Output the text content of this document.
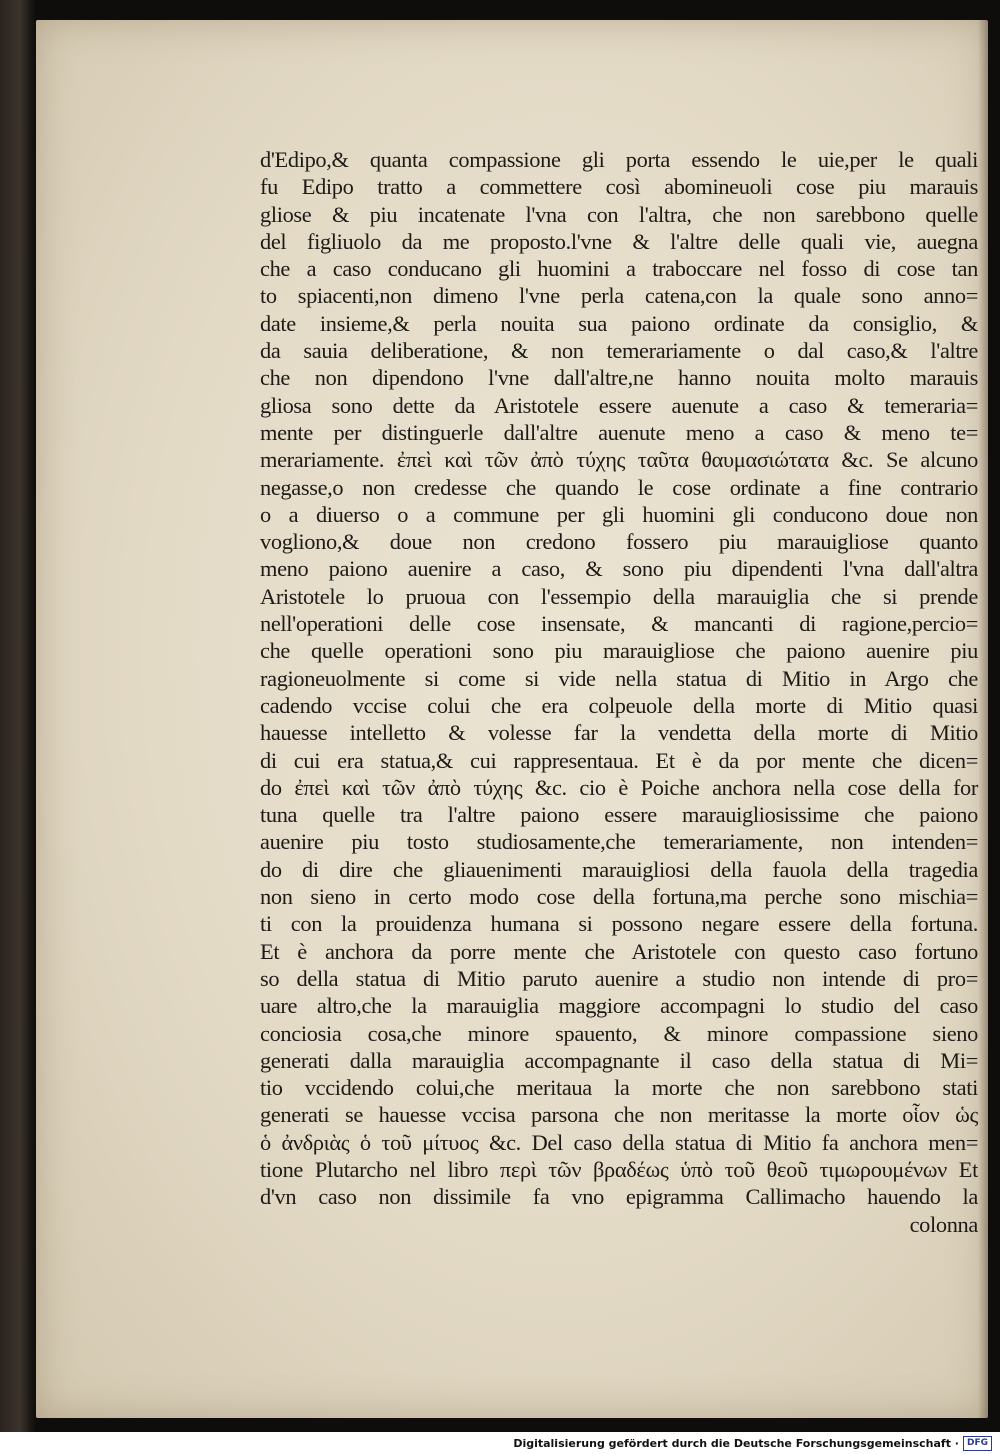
d'Edipo,& quanta compassione gli porta essendo le uie,per le quali
fu Edipo tratto a commettere così abomineuoli cose piu marauis
gliose & piu incatenate l'vna con l'altra, che non sarebbono quelle
del figliuolo da me proposto.l'vne & l'altre delle quali vie, auegna
che a caso conducano gli huomini a traboccare nel fosso di cose tan
to spiacenti,non dimeno l'vne perla catena,con la quale sono anno=
date insieme,& perla nouita sua paiono ordinate da consiglio, &
da sauia deliberatione, & non temerariamente o dal caso,& l'altre
che non dipendono l'vne dall'altre,ne hanno nouita molto marauis
gliosa sono dette da Aristotele essere auenute a caso & temeraria=
mente per distinguerle dall'altre auenute meno a caso & meno te=
merariamente. ἐπεὶ καὶ τῶν ἀπὸ τύχης ταῦτα θαυμασιώτατα &c. Se alcuno
negasse,o non credesse che quando le cose ordinate a fine contrario
o a diuerso o a commune per gli huomini gli conducono doue non
vogliono,& doue non credono fossero piu marauigliose quanto
meno paiono auenire a caso, & sono piu dipendenti l'vna dall'altra
Aristotele lo pruoua con l'essempio della marauiglia che si prende
nell'operationi delle cose insensate, & mancanti di ragione,percio=
che quelle operationi sono piu marauigliose che paiono auenire piu
ragioneuolmente si come si vide nella statua di Mitio in Argo che
cadendo vccise colui che era colpeuole della morte di Mitio quasi
hauesse intelletto & volesse far la vendetta della morte di Mitio
di cui era statua,& cui rappresentaua. Et è da por mente che dicen=
do ἐπεὶ καὶ τῶν ἀπὸ τύχης &c. cio è Poiche anchora nella cose della for
tuna quelle tra l'altre paiono essere marauigliosissime che paiono
auenire piu tosto studiosamente,che temerariamente, non intenden=
do di dire che gliauenimenti marauigliosi della fauola della tragedia
non sieno in certo modo cose della fortuna,ma perche sono mischia=
ti con la prouidenza humana si possono negare essere della fortuna.
Et è anchora da porre mente che Aristotele con questo caso fortuno
so della statua di Mitio paruto auenire a studio non intende di pro=
uare altro,che la marauiglia maggiore accompagni lo studio del caso
conciosia cosa,che minore spauento, & minore compassione sieno
generati dalla marauiglia accompagnante il caso della statua di Mi=
tio vccidendo colui,che meritaua la morte che non sarebbono stati
generati se hauesse vccisa parsona che non meritasse la morte οἷον ὡς
ὁ ἀνδριὰς ὁ τοῦ μίτυος &c. Del caso della statua di Mitio fa anchora men=
tione Plutarcho nel libro περὶ τῶν βραδέως ὑπὸ τοῦ θεοῦ τιμωρουμένων Et
d'vn caso non dissimile fa vno epigramma Callimacho hauendo la
colonna
Digitalisierung gefördert durch die Deutsche Forschungsgemeinschaft · DFG
